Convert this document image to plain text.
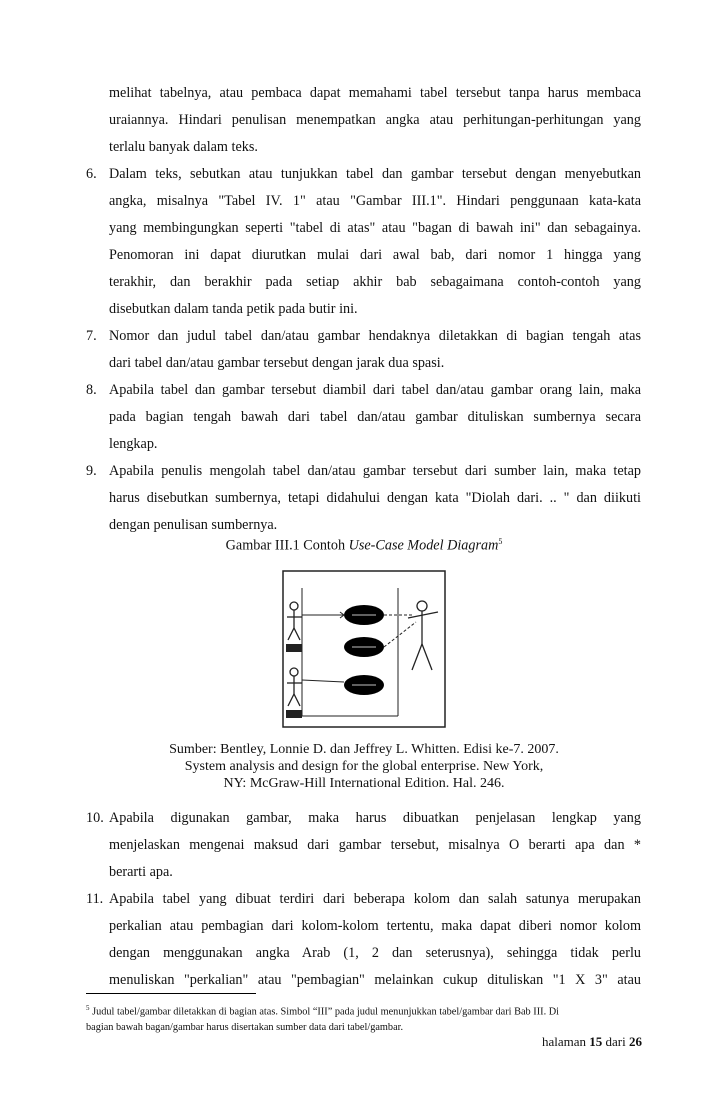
melihat tabelnya, atau pembaca dapat memahami tabel tersebut tanpa harus membaca
uraiannya. Hindari penulisan menempatkan angka atau perhitungan-perhitungan yang
terlalu banyak dalam teks.
6. Dalam teks, sebutkan atau tunjukkan tabel dan gambar tersebut dengan menyebutkan
angka, misalnya "Tabel IV. 1" atau "Gambar III.1". Hindari penggunaan kata-kata
yang membingungkan seperti "tabel di atas" atau "bagan di bawah ini" dan sebagainya.
Penomoran ini dapat diurutkan mulai dari awal bab, dari nomor 1 hingga yang
terakhir, dan berakhir pada setiap akhir bab sebagaimana contoh-contoh yang
disebutkan dalam tanda petik pada butir ini.
7. Nomor dan judul tabel dan/atau gambar hendaknya diletakkan di bagian tengah atas
dari tabel dan/atau gambar tersebut dengan jarak dua spasi.
8. Apabila tabel dan gambar tersebut diambil dari tabel dan/atau gambar orang lain, maka
pada bagian tengah bawah dari tabel dan/atau gambar dituliskan sumbernya secara
lengkap.
9. Apabila penulis mengolah tabel dan/atau gambar tersebut dari sumber lain, maka tetap
harus disebutkan sumbernya, tetapi didahului dengan kata "Diolah dari. .. " dan diikuti
dengan penulisan sumbernya.
Gambar III.1 Contoh Use-Case Model Diagram$^5$
Sumber: Bentley, Lonnie D. dan Jeffrey L. Whitten. Edisi ke-7. 2007.
System analysis and design for the global enterprise. New York,
NY: McGraw-Hill International Edition. Hal. 246.
10. Apabila digunakan gambar, maka harus dibuatkan penjelasan lengkap yang
menjelaskan mengenai maksud dari gambar tersebut, misalnya O berarti apa dan *
berarti apa.
11. Apabila tabel yang dibuat terdiri dari beberapa kolom dan salah satunya merupakan
perkalian atau pembagian dari kolom-kolom tertentu, maka dapat diberi nomor kolom
dengan menggunakan angka Arab (1, 2 dan seterusnya), sehingga tidak perlu
menuliskan "perkalian" atau "pembagian" melainkan cukup dituliskan "1 X 3" atau
$^5$ Judul tabel/gambar diletakkan di bagian atas. Simbol “III” pada judul menunjukkan tabel/gambar dari Bab III. Di
bagian bawah bagan/gambar harus disertakan sumber data dari tabel/gambar.
halaman 15 dari 26
